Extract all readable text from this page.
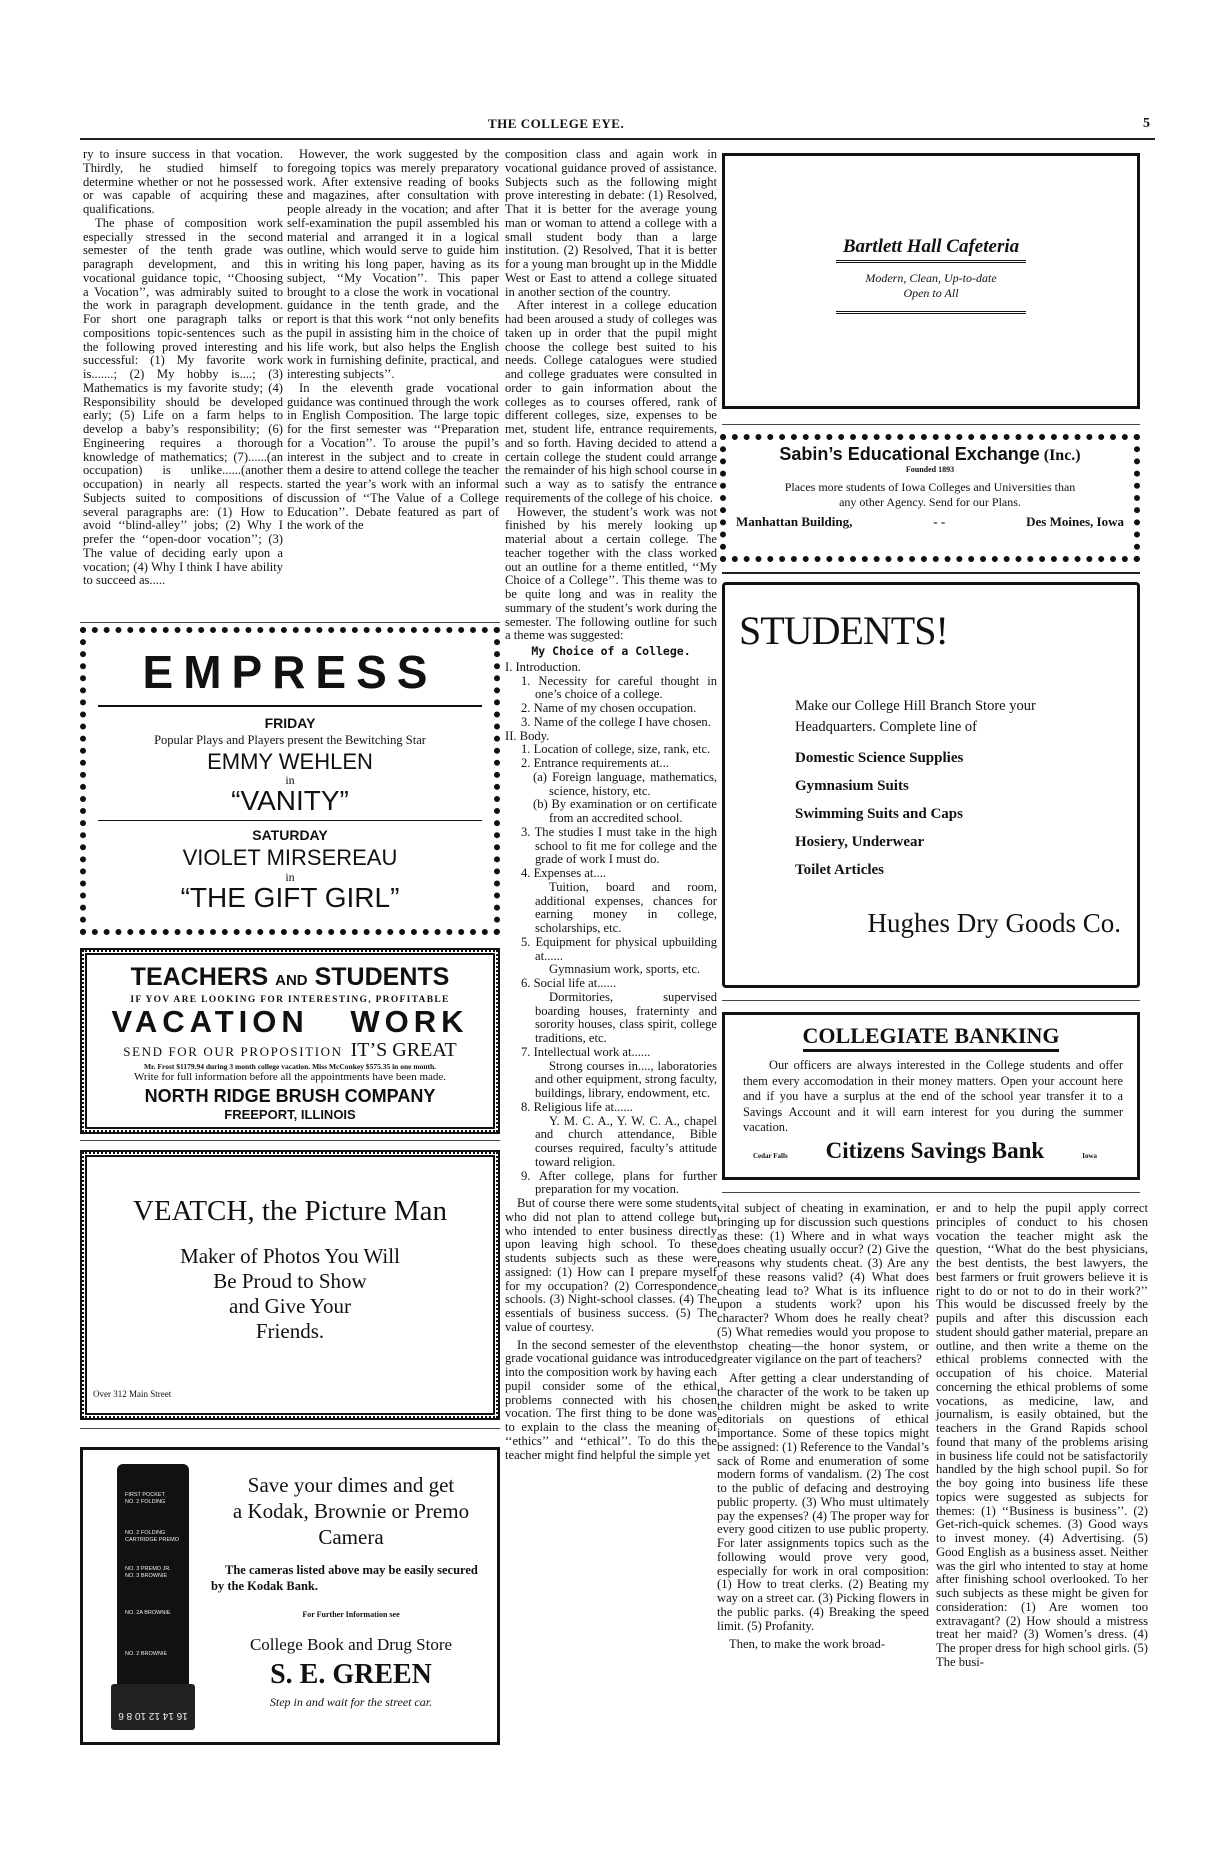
THE COLLEGE EYE.	5

ry to insure success in that vocation. Thirdly, he studied himself to determine whether or not he possessed or was capable of acquiring these qualifications.

The phase of composition work especially stressed in the second semester of the tenth grade was paragraph development, and this vocational guidance topic, ‘‘Choosing a Vocation’’, was admirably suited to the work in paragraph development. For short one paragraph talks or compositions topic-sentences such as the following proved interesting and successful: (1) My favorite work is.......; (2) My hobby is....; (3) Mathematics is my favorite study; (4) Responsibility should be developed early; (5) Life on a farm helps to develop a baby’s responsibility; (6) Engineering requires a thorough knowledge of mathematics; (7)......(an occupation) is unlike......(another occupation) in nearly all respects. Subjects suited to compositions of several paragraphs are: (1) How to avoid ‘‘blind-alley’’ jobs; (2) Why I prefer the ‘‘open-door vocation’’; (3) The value of deciding early upon a vocation; (4) Why I think I have ability to succeed as.....

However, the work suggested by the foregoing topics was merely preparatory work. After extensive reading of books and magazines, after consultation with people already in the vocation; and after self-examination the pupil assembled his material and arranged it in a logical outline, which would serve to guide him in writing his long paper, having as its subject, ‘‘My Vocation’’. This paper brought to a close the work in vocational guidance in the tenth grade, and the report is that this work ‘‘not only benefits the pupil in assisting him in the choice of his life work, but also helps the English work in furnishing definite, practical, and interesting subjects’’.

In the eleventh grade vocational guidance was continued through the work in English Composition. The large topic for the first semester was ‘‘Preparation for a Vocation’’. To arouse the pupil’s interest in the subject and to create in them a desire to attend college the teacher started the year’s work with an informal discussion of ‘‘The Value of a College Education’’. Debate featured as part of the work of the

composition class and again work in vocational guidance proved of assistance. Subjects such as the following might prove interesting in debate: (1) Resolved, That it is better for the average young man or woman to attend a college with a small student body than a large institution. (2) Resolved, That it is better for a young man brought up in the Middle West or East to attend a college situated in another section of the country.

After interest in a college education had been aroused a study of colleges was taken up in order that the pupil might choose the college best suited to his needs. College catalogues were studied and college graduates were consulted in order to gain information about the colleges as to courses offered, rank of different colleges, size, expenses to be met, student life, entrance requirements, and so forth. Having decided to attend a certain college the student could arrange the remainder of his high school course in such a way as to satisfy the entrance requirements of the college of his choice.

However, the student’s work was not finished by his merely looking up material about a certain college. The teacher together with the class worked out an outline for a theme entitled, ‘‘My Choice of a College’’. This theme was to be quite long and was in reality the summary of the student’s work during the semester. The following outline for such a theme was suggested:

My Choice of a College.
I. Introduction.
1. Necessity for careful thought in one’s choice of a college.
2. Name of my chosen occupation.
3. Name of the college I have chosen.
II. Body.
1. Location of college, size, rank, etc.
2. Entrance requirements at...
(a) Foreign language, mathematics, science, history, etc.
(b) By examination or on certificate from an accredited school.
3. The studies I must take in the high school to fit me for college and the grade of work I must do.
4. Expenses at....
Tuition, board and room, additional expenses, chances for earning money in college, scholarships, etc.
5. Equipment for physical upbuilding at......
Gymnasium work, sports, etc.
6. Social life at......
Dormitories, supervised boarding houses, fraterninty and sorority houses, class spirit, college traditions, etc.
7. Intellectual work at......
Strong courses in...., laboratories and other equipment, strong faculty, buildings, library, endowment, etc.
8. Religious life at......
Y. M. C. A., Y. W. C. A., chapel and church attendance, Bible courses required, faculty’s attitude toward religion.
9. After college, plans for further preparation for my vocation.

But of course there were some students who did not plan to attend college but who intended to enter business directly upon leaving high school. To these students subjects such as these were assigned: (1) How can I prepare myself for my occupation? (2) Correspondence schools. (3) Night-school classes. (4) The essentials of business success. (5) The value of courtesy.

In the second semester of the eleventh grade vocational guidance was introduced into the composition work by having each pupil consider some of the ethical problems connected with his chosen vocation. The first thing to be done was to explain to the class the meaning of ‘‘ethics’’ and ‘‘ethical’’. To do this the teacher might find helpful the simple yet

vital subject of cheating in examination, bringing up for discussion such questions as these: (1) Where and in what ways does cheating usually occur? (2) Give the reasons why students cheat. (3) Are any of these reasons valid? (4) What does cheating lead to? What is its influence upon a students work? upon his character? Whom does he really cheat? (5) What remedies would you propose to stop cheating—the honor system, or greater vigilance on the part of teachers?

After getting a clear understanding of the character of the work to be taken up the children might be asked to write editorials on questions of ethical importance. Some of these topics might be assigned: (1) Reference to the Vandal’s sack of Rome and enumeration of some modern forms of vandalism. (2) The cost to the public of defacing and destroying public property. (3) Who must ultimately pay the expenses? (4) The proper way for every good citizen to use public property. For later assignments topics such as the following would prove very good, especially for work in oral composition: (1) How to treat clerks. (2) Beating my way on a street car. (3) Picking flowers in the public parks. (4) Breaking the speed limit. (5) Profanity.

Then, to make the work broad-

er and to help the pupil apply correct principles of conduct to his chosen vocation the teacher might ask the question, ‘‘What do the best physicians, the best dentists, the best lawyers, the best farmers or fruit growers believe it is right to do or not to do in their work?’’ This would be discussed freely by the pupils and after this discussion each student should gather material, prepare an outline, and then write a theme on the ethical problems connected with the occupation of his choice. Material concerning the ethical problems of some vocations, as medicine, law, and journalism, is easily obtained, but the teachers in the Grand Rapids school found that many of the problems arising in business life could not be satisfactorily handled by the high school pupil. So for the boy going into business life these topics were suggested as subjects for themes: (1) ‘‘Business is business’’. (2) Get-rich-quick schemes. (3) Good ways to invest money. (4) Advertising. (5) Good English as a business asset. Neither was the girl who intented to stay at home after finishing school overlooked. To her such subjects as these might be given for consideration: (1) Are women too extravagant? (2) How should a mistress treat her maid? (3) Women’s dress. (4) The proper dress for high school girls. (5) The busi-

EMPRESS
FRIDAY
Popular Plays and Players present the Bewitching Star
EMMY WEHLEN
in
“VANITY”
SATURDAY
VIOLET MIRSEREAU
in
“THE GIFT GIRL”
TEACHERS AND STUDENTS
IF YOV ARE LOOKING FOR INTERESTING, PROFITABLE
VACATION WORK
SEND FOR OUR PROPOSITION IT’S GREAT
Mr. Frost $1179.94 during 3 month college vacation. Miss McConkey $575.35 in one month.
Write for full information before all the appointments have been made.
NORTH RIDGE BRUSH COMPANY
FREEPORT, ILLINOIS
VEATCH, the Picture Man
Maker of Photos You Will
Be Proud to Show
and Give Your
Friends.
Over 312 Main Street
FIRST POCKET
NO. 2 FOLDING
NO. 2 FOLDING
CARTRIDGE PREMO
NO. 3 PREMO JR.
NO. 3 BROWNIE
NO. 2A BROWNIE
NO. 2 BROWNIE
16 14 12 10 8 6
Save your dimes and get
a Kodak, Brownie or Premo
Camera
The cameras listed above may be easily secured by the Kodak Bank.
For Further Information see
College Book and Drug Store
S. E. GREEN
Step in and wait for the street car.
Bartlett Hall Cafeteria
Modern, Clean, Up-to-date
Open to All
Sabin’s Educational Exchange (Inc.)
Founded 1893
Places more students of Iowa Colleges and Universities than any other Agency. Send for our Plans.
Manhattan Building,	- -	Des Moines, Iowa
STUDENTS!
Make our College Hill Branch Store your Headquarters. Complete line of
Domestic Science Supplies
Gymnasium Suits
Swimming Suits and Caps
Hosiery, Underwear
Toilet Articles
Hughes Dry Goods Co.
COLLEGIATE BANKING
Our officers are always interested in the College students and offer them every accomodation in their money matters. Open your account here and if you have a surplus at the end of the school year transfer it to a Savings Account and it will earn interest for you during the summer vacation.
Cedar Falls Citizens Savings Bank	Iowa
